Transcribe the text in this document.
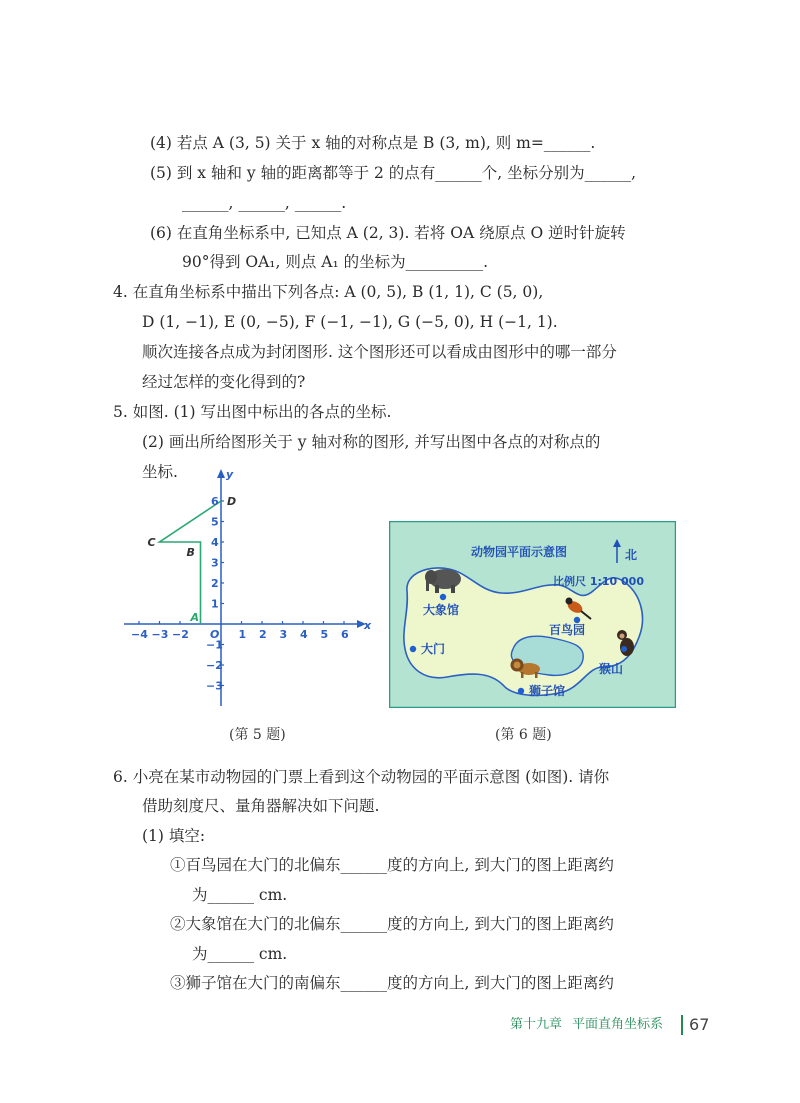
(4) 若点 A (3, 5) 关于 x 轴的对称点是 B (3, m), 则 m=______.
(5) 到 x 轴和 y 轴的距离都等于 2 的点有______个, 坐标分别为______,
______, ______, ______.
(6) 在直角坐标系中, 已知点 A (2, 3). 若将 OA 绕原点 O 逆时针旋转
90°得到 OA₁, 则点 A₁ 的坐标为__________.
4. 在直角坐标系中描出下列各点: A (0, 5), B (1, 1), C (5, 0),
D (1, −1), E (0, −5), F (−1, −1), G (−5, 0), H (−1, 1).
顺次连接各点成为封闭图形. 这个图形还可以看成由图形中的哪一部分
经过怎样的变化得到的?
5. 如图. (1) 写出图中标出的各点的坐标.
(2) 画出所给图形关于 y 轴对称的图形, 并写出图中各点的对称点的
坐标.
6. 小亮在某市动物园的门票上看到这个动物园的平面示意图 (如图). 请你
借助刻度尺、量角器解决如下问题.
(1) 填空:
①百鸟园在大门的北偏东______度的方向上, 到大门的图上距离约
为______ cm.
②大象馆在大门的北偏东______度的方向上, 到大门的图上距离约
为______ cm.
③狮子馆在大门的南偏东______度的方向上, 到大门的图上距离约
−4 −3 −2	1 2 3 4 5 6
6
5
4
3
2
1
−1
−2
−3
O
x
y
C
B
A
D
(第 5 题)
动物园平面示意图	北
比例尺 1:10 000
大象馆
大门
百鸟园
猴山
狮子馆
(第 6 题)
第十九章 平面直角坐标系 67
